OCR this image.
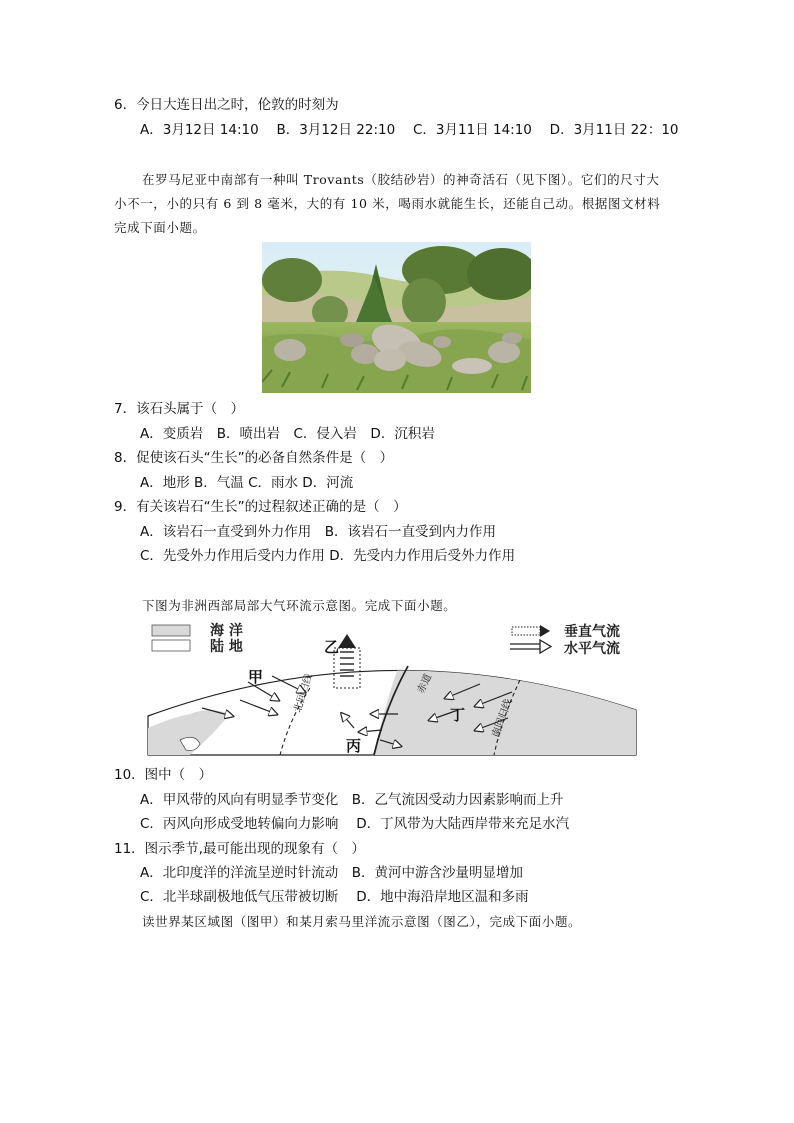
6．今日大连日出之时，伦敦的时刻为
A．3月12日 14:10　 B．3月12日 22:10　 C．3月11日 14:10　 D．3月11日 22：10
在罗马尼亚中南部有一种叫 Trovants（胶结砂岩）的神奇活石（见下图）。它们的尺寸大
小不一，小的只有 6 到 8 毫米，大的有 10 米，喝雨水就能生长，还能自己动。根据图文材料
完成下面小题。
7．该石头属于（　）
A．变质岩　B．喷出岩　C．侵入岩　D．沉积岩
8．促使该石头“生长”的必备自然条件是（　）
A．地形 B．气温 C．雨水 D．河流
9．有关该岩石“生长”的过程叙述正确的是（　）
A．该岩石一直受到外力作用　B．该岩石一直受到内力作用
C．先受外力作用后受内力作用 D．先受内力作用后受外力作用
下图为非洲西部局部大气环流示意图。完成下面小题。
海 洋
陆 地
垂直气流
水平气流
北回归线	赤道
南回归线
甲
乙
丙
丁
10．图中（　）
A．甲风带的风向有明显季节变化　B．乙气流因受动力因素影响而上升
C．丙风向形成受地转偏向力影响　 D．丁风带为大陆西岸带来充足水汽
11．图示季节,最可能出现的现象有（　）
A．北印度洋的洋流呈逆时针流动　B．黄河中游含沙量明显增加
C．北半球副极地低气压带被切断　 D．地中海沿岸地区温和多雨
读世界某区域图（图甲）和某月索马里洋流示意图（图乙），完成下面小题。
